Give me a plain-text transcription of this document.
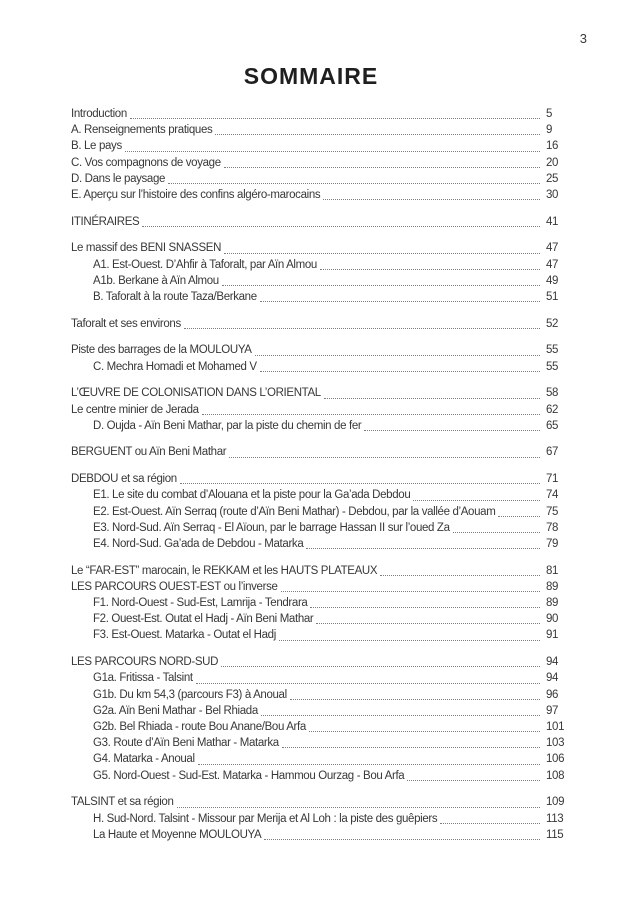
3
SOMMAIRE
Introduction	5
A. Renseignements pratiques	9
B. Le pays	16
C. Vos compagnons de voyage	20
D. Dans le paysage	25
E. Aperçu sur l’histoire des confins algéro-marocains	30
ITINÉRAIRES	41
Le massif des BENI SNASSEN	47
A1. Est-Ouest. D’Ahfir à Taforalt, par Aïn Almou	47
A1b. Berkane à Aïn Almou	49
B. Taforalt à la route Taza/Berkane	51
Taforalt et ses environs	52
Piste des barrages de la MOULOUYA	55
C. Mechra Homadi et Mohamed V	55
L’ŒUVRE DE COLONISATION DANS L’ORIENTAL	58
Le centre minier de Jerada	62
D. Oujda - Aïn Beni Mathar, par la piste du chemin de fer	65
BERGUENT ou Aïn Beni Mathar	67
DEBDOU et sa région	71
E1. Le site du combat d’Alouana et la piste pour la Ga’ada Debdou	74
E2. Est-Ouest. Aïn Serraq (route d’Aïn Beni Mathar) - Debdou, par la vallée d’Aouam	75
E3. Nord-Sud. Aïn Serraq - El Aïoun, par le barrage Hassan II sur l’oued Za	78
E4. Nord-Sud. Ga’ada de Debdou - Matarka	79
Le “FAR-EST” marocain, le REKKAM et les HAUTS PLATEAUX	81
LES PARCOURS OUEST-EST ou l’inverse	89
F1. Nord-Ouest - Sud-Est, Lamrija - Tendrara	89
F2. Ouest-Est. Outat el Hadj - Aïn Beni Mathar	90
F3. Est-Ouest. Matarka - Outat el Hadj	91
LES PARCOURS NORD-SUD	94
G1a. Fritissa - Talsint	94
G1b. Du km 54,3 (parcours F3) à Anoual	96
G2a. Aïn Beni Mathar - Bel Rhiada	97
G2b. Bel Rhiada - route Bou Anane/Bou Arfa	101
G3. Route d’Aïn Beni Mathar - Matarka	103
G4. Matarka - Anoual	106
G5. Nord-Ouest - Sud-Est. Matarka - Hammou Ourzag - Bou Arfa	108
TALSINT et sa région	109
H. Sud-Nord. Talsint - Missour par Merija et Al Loh : la piste des guêpiers	113
La Haute et Moyenne MOULOUYA	115
